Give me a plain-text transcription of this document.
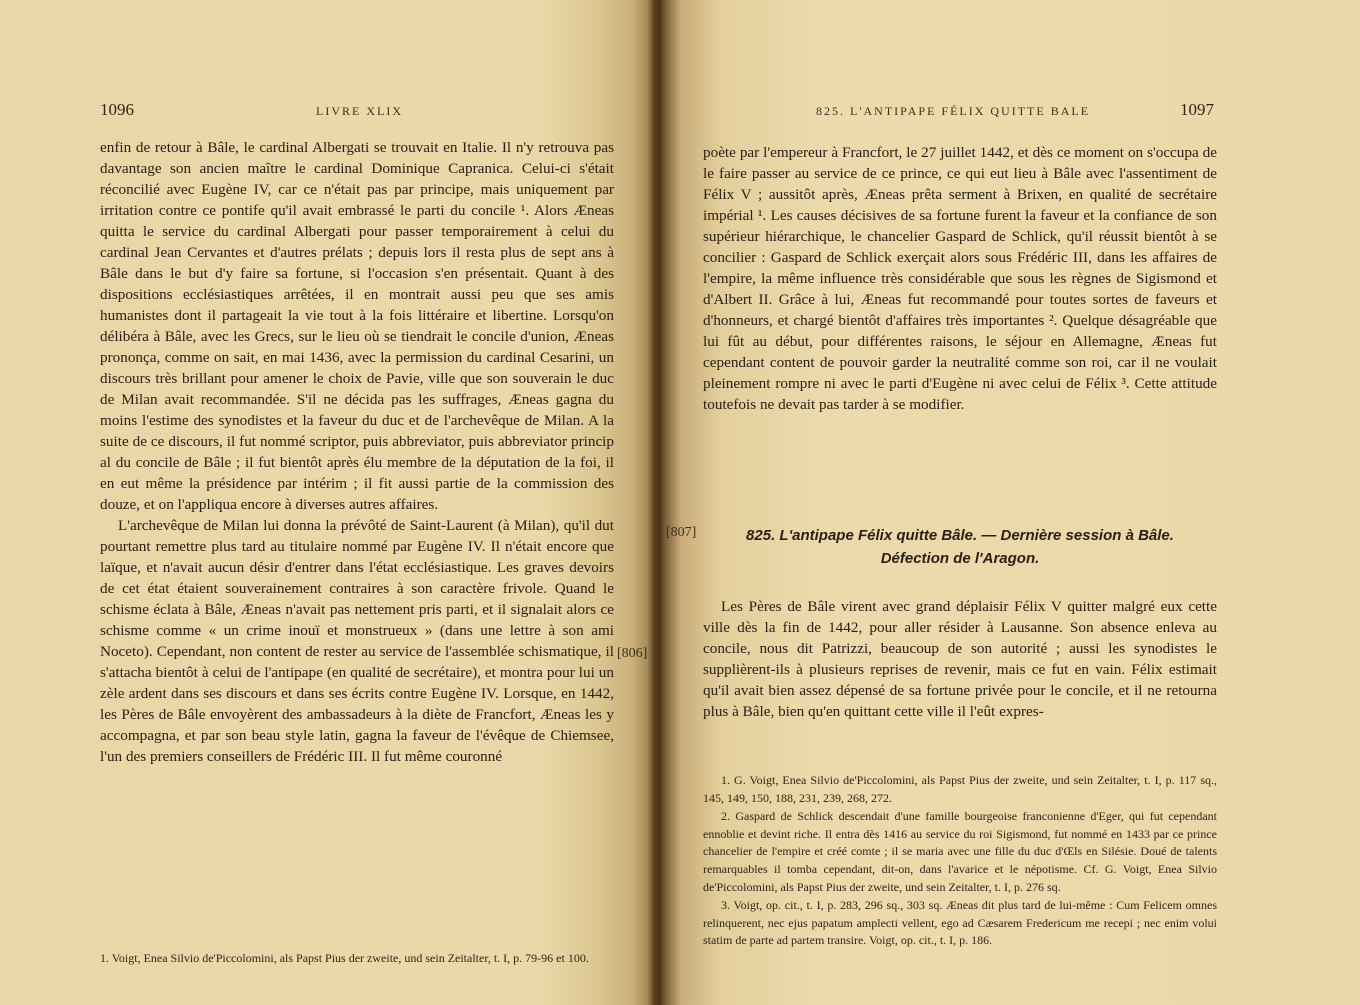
1096	LIVRE XLIX

enfin de retour à Bâle, le cardinal Albergati se trouvait en Italie. Il n'y retrouva pas davantage son ancien maître le cardinal Dominique Capranica. Celui-ci s'était réconcilié avec Eugène IV, car ce n'était pas par principe, mais uniquement par irritation contre ce pontife qu'il avait embrassé le parti du concile ¹. Alors Æneas quitta le service du cardinal Albergati pour passer temporairement à celui du cardinal Jean Cervantes et d'autres prélats ; depuis lors il resta plus de sept ans à Bâle dans le but d'y faire sa fortune, si l'occasion s'en présentait. Quant à des dispositions ecclésiastiques arrêtées, il en montrait aussi peu que ses amis humanistes dont il partageait la vie tout à la fois littéraire et libertine. Lorsqu'on délibéra à Bâle, avec les Grecs, sur le lieu où se tiendrait le concile d'union, Æneas prononça, comme on sait, en mai 1436, avec la permission du cardinal Cesarini, un discours très brillant pour amener le choix de Pavie, ville que son souverain le duc de Milan avait recommandée. S'il ne décida pas les suffrages, Æneas gagna du moins l'estime des synodistes et la faveur du duc et de l'archevêque de Milan. A la suite de ce discours, il fut nommé scriptor, puis abbreviator, puis abbreviator princip al du concile de Bâle ; il fut bientôt après élu membre de la députation de la foi, il en eut même la présidence par intérim ; il fit aussi partie de la commission des douze, et on l'appliqua encore à diverses autres affaires.

L'archevêque de Milan lui donna la prévôté de Saint-Laurent (à Milan), qu'il dut pourtant remettre plus tard au titulaire nommé par Eugène IV. Il n'était encore que laïque, et n'avait aucun désir d'entrer dans l'état ecclésiastique. Les graves devoirs de cet état étaient souverainement contraires à son caractère frivole. Quand le schisme éclata à Bâle, Æneas n'avait pas nettement pris parti, et il signalait alors ce schisme comme « un crime inouï et monstrueux » (dans une lettre à son ami Noceto). Cependant, non content de rester au service de l'assemblée schismatique, il s'attacha bientôt à celui de l'antipape (en qualité de secrétaire), et montra pour lui un zèle ardent dans ses discours et dans ses écrits contre Eugène IV. Lorsque, en 1442, les Pères de Bâle envoyèrent des ambassadeurs à la diète de Francfort, Æneas les y accompagna, et par son beau style latin, gagna la faveur de l'évêque de Chiemsee, l'un des premiers conseillers de Frédéric III. Il fut même couronné

[806]

1. Voigt, Enea Silvio de'Piccolomini, als Papst Pius der zweite, und sein Zeitalter, t. I, p. 79-96 et 100.

825. L'ANTIPAPE FÉLIX QUITTE BALE	1097

poète par l'empereur à Francfort, le 27 juillet 1442, et dès ce moment on s'occupa de le faire passer au service de ce prince, ce qui eut lieu à Bâle avec l'assentiment de Félix V ; aussitôt après, Æneas prêta serment à Brixen, en qualité de secrétaire impérial ¹. Les causes décisives de sa fortune furent la faveur et la confiance de son supérieur hiérarchique, le chancelier Gaspard de Schlick, qu'il réussit bientôt à se concilier : Gaspard de Schlick exerçait alors sous Frédéric III, dans les affaires de l'empire, la même influence très considérable que sous les règnes de Sigismond et d'Albert II. Grâce à lui, Æneas fut recommandé pour toutes sortes de faveurs et d'honneurs, et chargé bientôt d'affaires très importantes ². Quelque désagréable que lui fût au début, pour différentes raisons, le séjour en Allemagne, Æneas fut cependant content de pouvoir garder la neutralité comme son roi, car il ne voulait pleinement rompre ni avec le parti d'Eugène ni avec celui de Félix ³. Cette attitude toutefois ne devait pas tarder à se modifier.

[807]	825. L'antipape Félix quitte Bâle. — Dernière session à Bâle.
Défection de l'Aragon.

Les Pères de Bâle virent avec grand déplaisir Félix V quitter malgré eux cette ville dès la fin de 1442, pour aller résider à Lausanne. Son absence enleva au concile, nous dit Patrizzi, beaucoup de son autorité ; aussi les synodistes le supplièrent-ils à plusieurs reprises de revenir, mais ce fut en vain. Félix estimait qu'il avait bien assez dépensé de sa fortune privée pour le concile, et il ne retourna plus à Bâle, bien qu'en quittant cette ville il l'eût expres-

1. G. Voigt, Enea Silvio de'Piccolomini, als Papst Pius der zweite, und sein Zeitalter, t. I, p. 117 sq., 145, 149, 150, 188, 231, 239, 268, 272.

2. Gaspard de Schlick descendait d'une famille bourgeoise franconienne d'Eger, qui fut cependant ennoblie et devint riche. Il entra dès 1416 au service du roi Sigismond, fut nommé en 1433 par ce prince chancelier de l'empire et créé comte ; il se maria avec une fille du duc d'Œls en Silésie. Doué de talents remarquables il tomba cependant, dit-on, dans l'avarice et le népotisme. Cf. G. Voigt, Enea Silvio de'Piccolomini, als Papst Pius der zweite, und sein Zeitalter, t. I, p. 276 sq.

3. Voigt, op. cit., t. I, p. 283, 296 sq., 303 sq. Æneas dit plus tard de lui-même : Cum Felicem omnes relinquerent, nec ejus papatum amplecti vellent, ego ad Cæsarem Fredericum me recepi ; nec enim volui statim de parte ad partem transire. Voigt, op. cit., t. I, p. 186.
